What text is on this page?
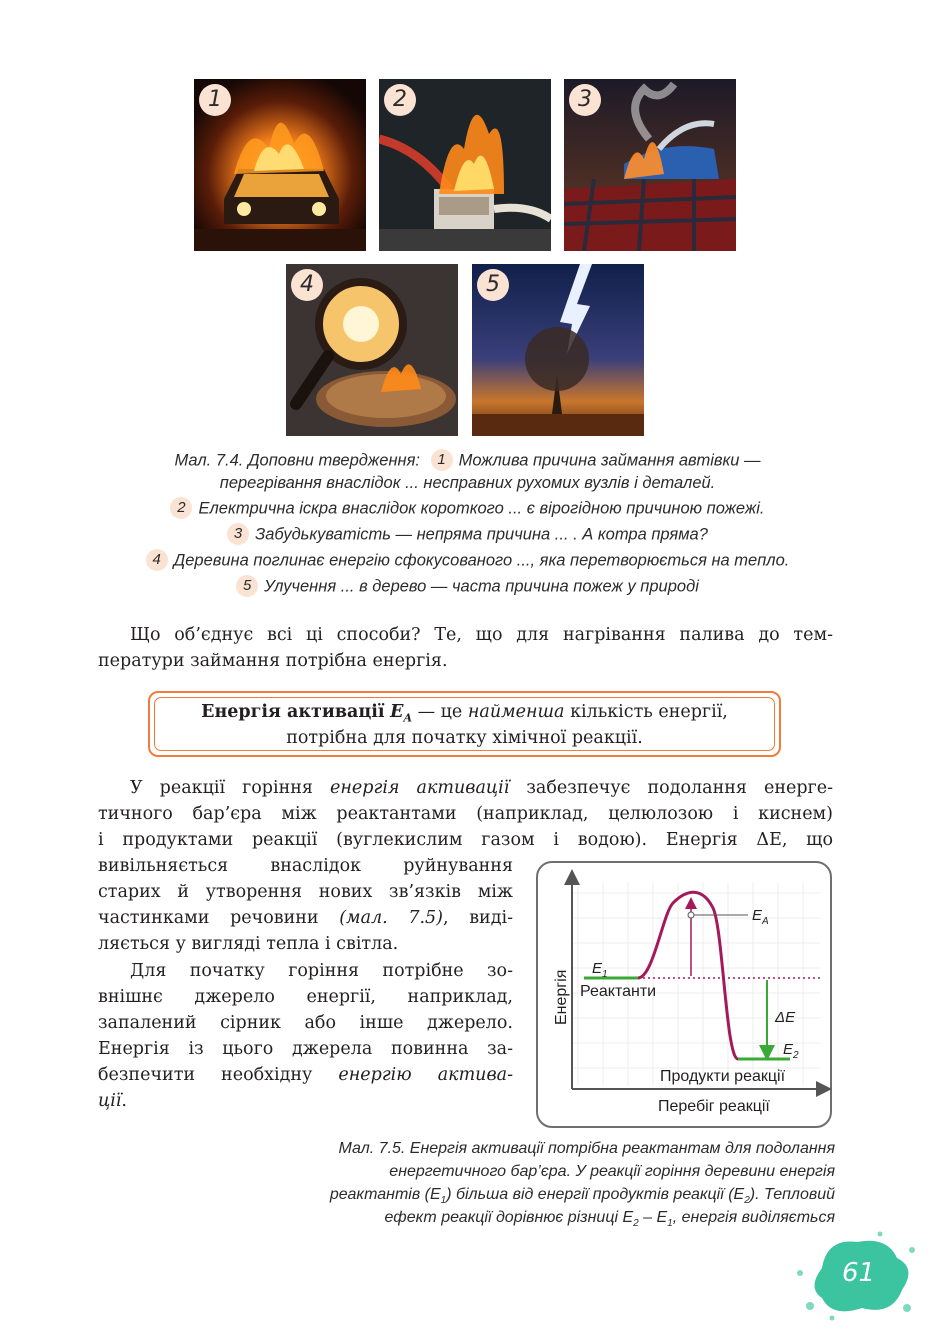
1	2	3
4	5
Мал. 7.4. Доповни твердження: 1 Можлива причина займання автівки —
перегрівання внаслідок ... несправних рухомих вузлів і деталей.
2 Електрична іскра внаслідок короткого ... є вірогідною причиною пожежі.
3 Забудькуватість — непряма причина ... . А котра пряма?
4 Деревина поглинає енергію сфокусованого ..., яка перетворюється на тепло.
5 Улучення ... в дерево — часта причина пожеж у природі
Що об’єднує всі ці способи? Те, що для нагрівання палива до тем-
ператури займання потрібна енергія.
Енергія активації $E_A$ — це найменша кількість енергії,
потрібна для початку хімічної реакції.
У реакції горіння енергія активації забезпечує подолання енерге-
тичного бар’єра між реактантами (наприклад, целюлозою і киснем)
і продуктами реакції (вуглекислим газом і водою). Енергія ΔE, що
вивільняється внаслідок руйнування
старих й утворення нових зв’язків між
частинками речовини (мал. 7.5), виді-
ляється у вигляді тепла і світла.
Для початку горіння потрібне зо-
внішнє джерело енергії, наприклад,
запалений сірник або інше джерело.
Енергія із цього джерела повинна за-
безпечити необхідну енергію актива-
ції.
$E_A$
$E_1$
Реактанти
ΔE
$E_2$
Продукти реакції
Перебіг реакції
Енергія
Мал. 7.5. Енергія активації потрібна реактантам для подолання
енергетичного бар’єра. У реакції горіння деревини енергія
реактантів $(E_1)$ більша від енергії продуктів реакції $(E_2)$. Тепловий
ефект реакції дорівнює різниці $E_2 - E_1$, енергія виділяється
61
